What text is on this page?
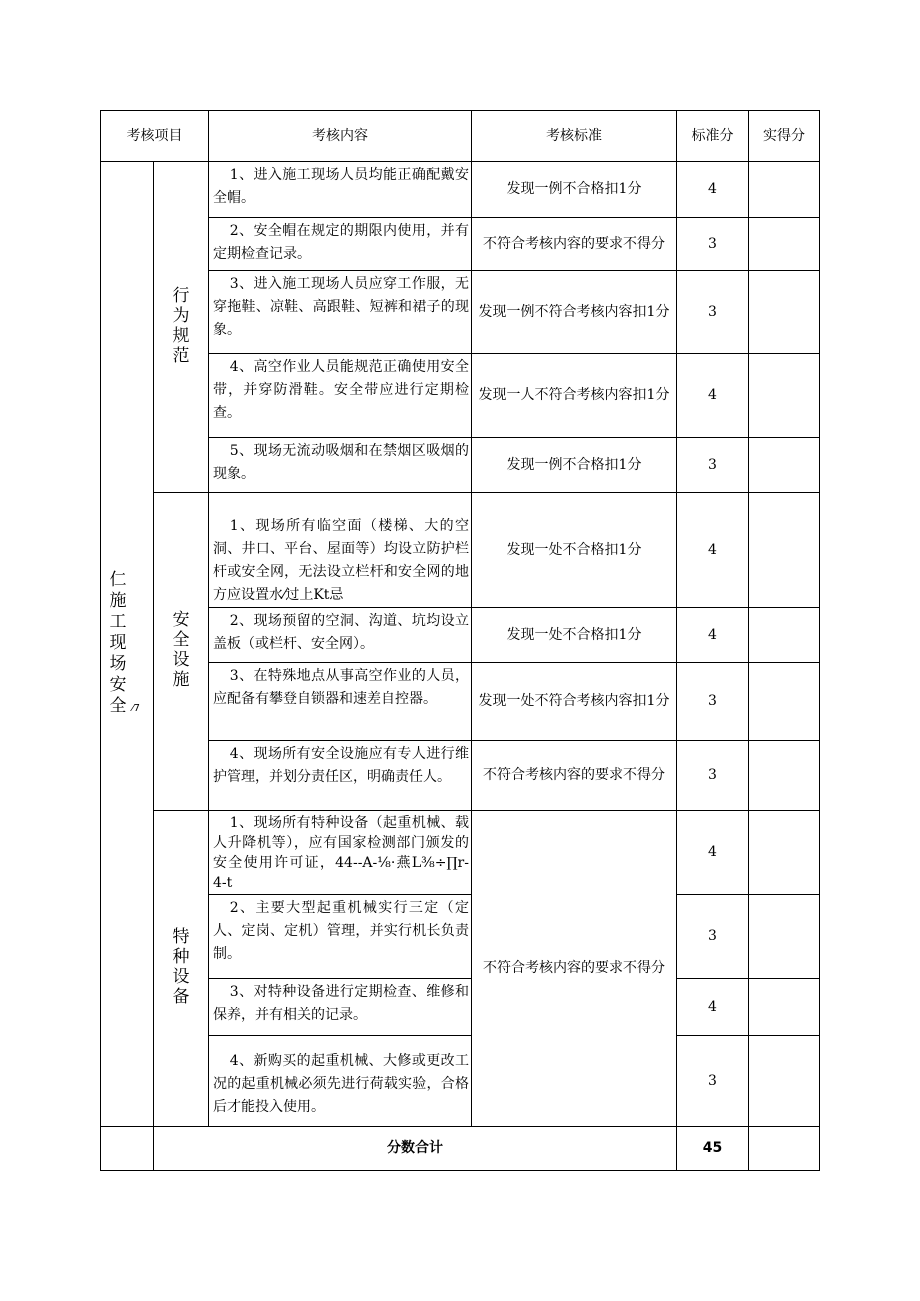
考核项目		考核内容	考核标准	标准分	实得分
仁施工现场安全 ⁄7	行为规范	1、进入施工现场人员均能正确配戴安全帽。	发现一例不合格扣1分	4	

		2、安全帽在规定的期限内使用，并有定期检查记录。	不符合考核内容的要求不得分	3	

		3、进入施工现场人员应穿工作服，无穿拖鞋、凉鞋、高跟鞋、短裤和裙子的现象。	发现一例不符合考核内容扣1分	3	

		4、高空作业人员能规范正确使用安全带，并穿防滑鞋。安全带应进行定期检查。	发现一人不符合考核内容扣1分	4	

		5、现场无流动吸烟和在禁烟区吸烟的现象。	发现一例不合格扣1分	3	
	安全设施	1、现场所有临空面（楼梯、大的空洞、井口、平台、屋面等）均设立防护栏杆或安全网，无法设立栏杆和安全网的地方应设置水⁄过上Kt忌	发现一处不合格扣1分	4	

		2、现场预留的空洞、沟道、坑均设立盖板（或栏杆、安全网）。	发现一处不合格扣1分	4	

		3、在特殊地点从事高空作业的人员，应配备有攀登自锁器和速差自控器。	发现一处不符合考核内容扣1分	3	

		4、现场所有安全设施应有专人进行维护管理，并划分责任区，明确责任人。	不符合考核内容的要求不得分	3	
	特种设备	1、现场所有特种设备（起重机械、载人升降机等），应有国家检测部门颁发的安全使用许可证，44--A-⅛·燕L⅜÷∏r-4-t	不符合考核内容的要求不得分	4	

		2、主要大型起重机械实行三定（定人、定岗、定机）管理，并实行机长负责制。		3	

		3、对特种设备进行定期检查、维修和保养，并有相关的记录。		4	

		4、新购买的起重机械、大修或更改工况的起重机械必须先进行荷载实验，合格后才能投入使用。		3	
	分数合计			45	
